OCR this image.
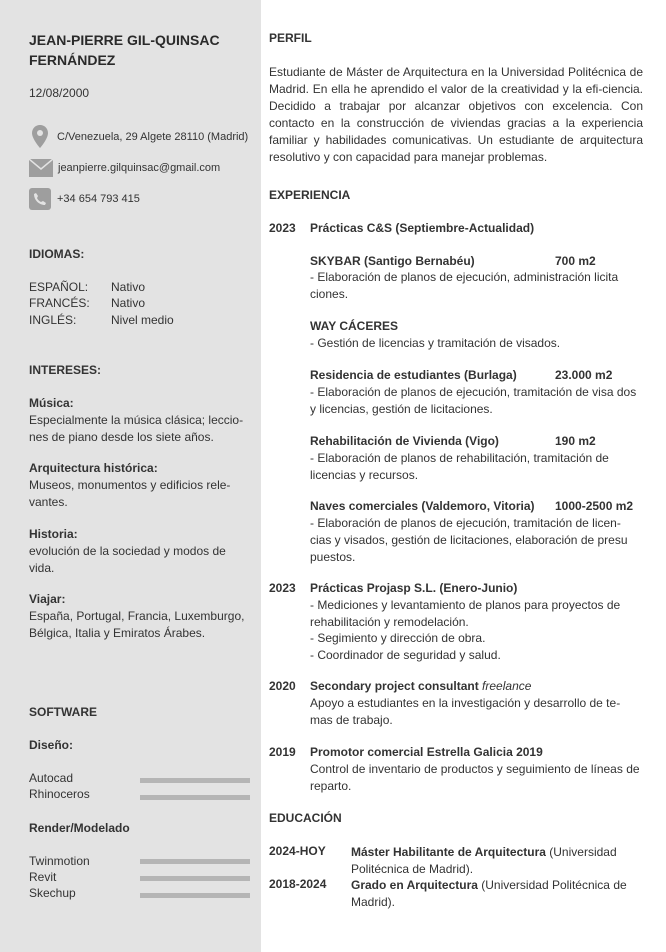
JEAN-PIERRE GIL-QUINSAC
FERNÁNDEZ
12/08/2000
C/Venezuela, 29 Algete 28110 (Madrid)
jeanpierre.gilquinsac@gmail.com
+34 654 793 415
IDIOMAS:
ESPAÑOL: Nativo
FRANCÉS: Nativo
INGLÉS:	Nivel medio
INTERESES:
Música:
Especialmente la música clásica; leccio-nes de piano desde los siete años.
Arquitectura histórica:
Museos, monumentos y edificios rele-vantes.
Historia:
evolución de la sociedad y modos de vida.
Viajar:
España, Portugal, Francia, Luxemburgo, Bélgica, Italia y Emiratos Árabes.
SOFTWARE
Diseño:
Autocad
Rhinoceros
Render/Modelado
Twinmotion
Revit
Skechup
PERFIL
Estudiante de Máster de Arquitectura en la Universidad Politécnica de Madrid. En ella he aprendido el valor de la creatividad y la efi-ciencia. Decidido a trabajar por alcanzar objetivos con excelencia. Con contacto en la construcción de viviendas gracias a la experiencia familiar y habilidades comunicativas. Un estudiante de arquitectura resolutivo y con capacidad para manejar problemas.
EXPERIENCIA
2023 Prácticas C&S (Septiembre-Actualidad)
SKYBAR (Santigo Bernabéu)	700 m2
- Elaboración de planos de ejecución, administración licita ciones.
WAY CÁCERES
- Gestión de licencias y tramitación de visados.
Residencia de estudiantes (Burlaga)	23.000 m2
- Elaboración de planos de ejecución, tramitación de visa dos y licencias, gestión de licitaciones.
Rehabilitación de Vivienda (Vigo)	190 m2
- Elaboración de planos de rehabilitación, tramitación de licencias y recursos.
Naves comerciales (Valdemoro, Vitoria) 1000-2500 m2
- Elaboración de planos de ejecución, tramitación de licen-cias y visados, gestión de licitaciones, elaboración de presu puestos.
2023 Prácticas Projasp S.L. (Enero-Junio)
- Mediciones y levantamiento de planos para proyectos de rehabilitación y remodelación.
- Segimiento y dirección de obra.
- Coordinador de seguridad y salud.
2020 Secondary project consultant freelance
Apoyo a estudiantes en la investigación y desarrollo de te-mas de trabajo.
2019 Promotor comercial Estrella Galicia 2019
Control de inventario de productos y seguimiento de líneas de reparto.
EDUCACIÓN
2024-HOY Máster Habilitante de Arquitectura (Universidad Politécnica de Madrid).
2018-2024 Grado en Arquitectura (Universidad Politécnica de Madrid).
